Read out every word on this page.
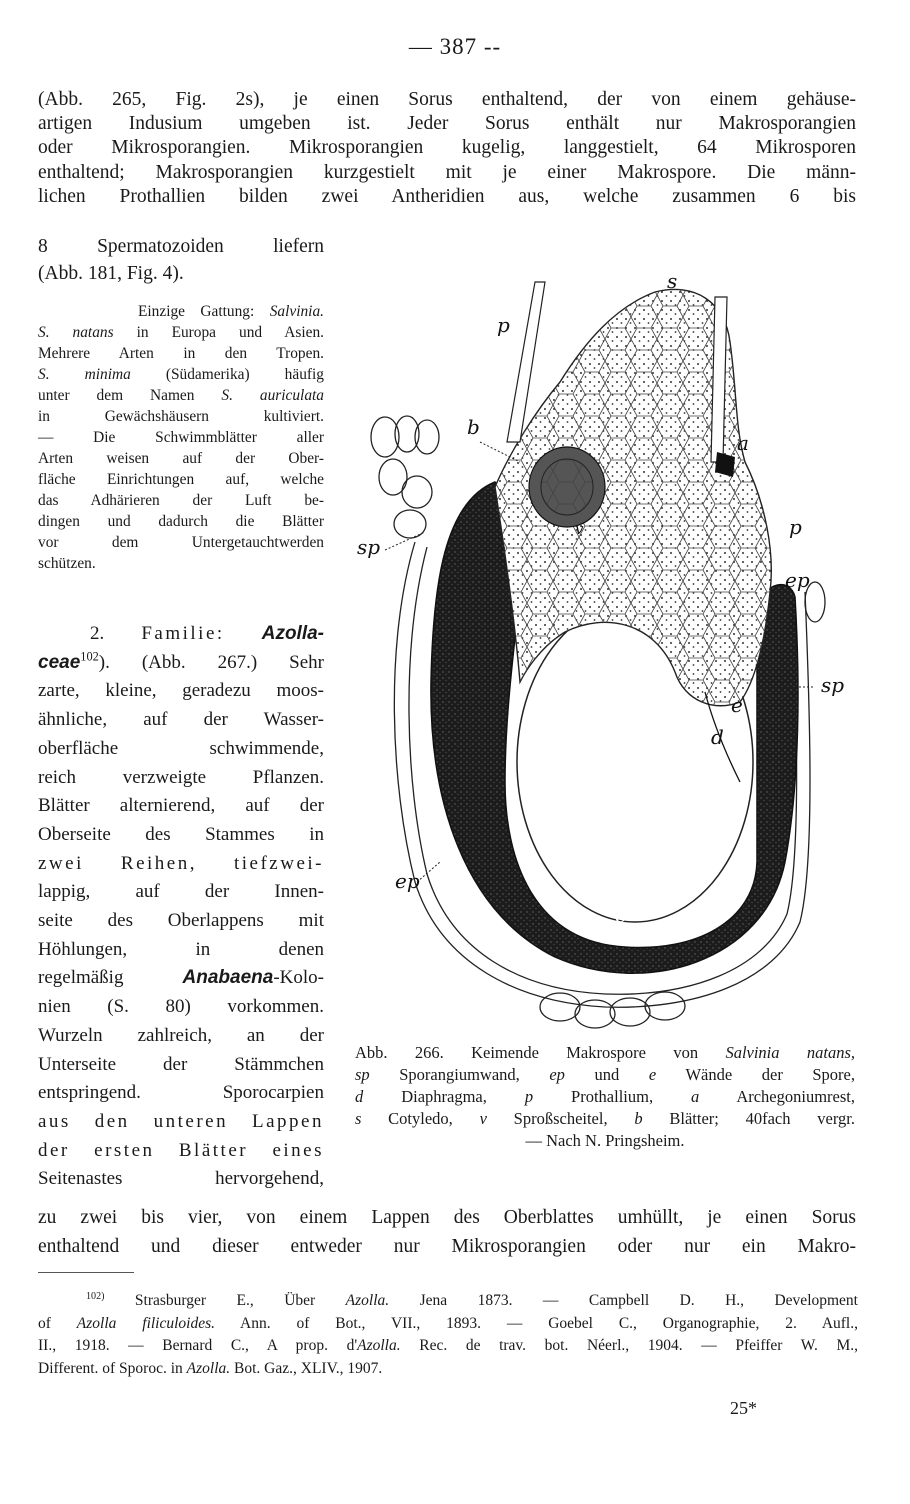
— 387 --
(Abb. 265, Fig. 2s), je einen Sorus enthaltend, der von einem gehäuse-
artigen Indusium umgeben ist. Jeder Sorus enthält nur Makrosporangien
oder Mikrosporangien. Mikrosporangien kugelig, langgestielt, 64 Mikrosporen
enthaltend; Makrosporangien kurzgestielt mit je einer Makrospore. Die männ-
lichen Prothallien bilden zwei Antheridien aus, welche zusammen 6 bis
8 Spermatozoiden liefern
(Abb. 181, Fig. 4).
Einzige Gattung: Salvinia.
S. natans in Europa und Asien.
Mehrere Arten in den Tropen.
S. minima (Südamerika) häufig
unter dem Namen S. auriculata
in Gewächshäusern kultiviert.
— Die Schwimmblätter aller
Arten weisen auf der Ober-
fläche Einrichtungen auf, welche
das Adhärieren der Luft be-
dingen und dadurch die Blätter
vor dem Untergetauchtwerden
schützen.
2. Familie: Azolla-
ceae$^{102}$). (Abb. 267.) Sehr
zarte, kleine, geradezu moos-
ähnliche, auf der Wasser-
oberfläche schwimmende,
reich verzweigte Pflanzen.
Blätter alternierend, auf der
Oberseite des Stammes in
zwei Reihen, tiefzwei-
lappig, auf der Innen-
seite des Oberlappens mit
Höhlungen, in denen
regelmäßig Anabaena-Kolo-
nien (S. 80) vorkommen.
Wurzeln zahlreich, an der
Unterseite der Stämmchen
entspringend. Sporocarpien
aus den unteren Lappen
der ersten Blätter eines
Seitenastes hervorgehend,
s
p
b
a
p
sp
ep
sp
e
d
v
ep
e
Abb. 266. Keimende Makrospore von Salvinia natans,
sp Sporangiumwand, ep und e Wände der Spore,
d Diaphragma, p Prothallium, a Archegoniumrest,
s Cotyledo, v Sproßscheitel, b Blätter; 40fach vergr.
— Nach N. Pringsheim.
zu zwei bis vier, von einem Lappen des Oberblattes umhüllt, je einen Sorus
enthaltend und dieser entweder nur Mikrosporangien oder nur ein Makro-
$^{102)}$ Strasburger E., Über Azolla. Jena 1873. — Campbell D. H., Development
of Azolla filiculoides. Ann. of Bot., VII., 1893. — Goebel C., Organographie, 2. Aufl.,
II., 1918. — Bernard C., A prop. d'Azolla. Rec. de trav. bot. Néerl., 1904. — Pfeiffer W. M.,
Different. of Sporoc. in Azolla. Bot. Gaz., XLIV., 1907.
25*
